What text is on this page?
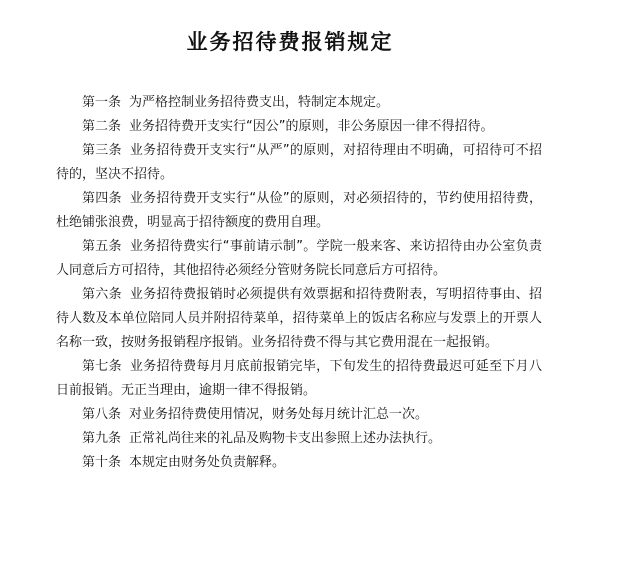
业务招待费报销规定

第一条 为严格控制业务招待费支出，特制定本规定。

第二条 业务招待费开支实行“因公”的原则，非公务原因一律不得招待。

第三条 业务招待费开支实行“从严”的原则，对招待理由不明确，可招待可不招待的，坚决不招待。

第四条 业务招待费开支实行“从俭”的原则，对必须招待的，节约使用招待费，杜绝铺张浪费，明显高于招待额度的费用自理。

第五条 业务招待费实行“事前请示制”。学院一般来客、来访招待由办公室负责人同意后方可招待，其他招待必须经分管财务院长同意后方可招待。

第六条 业务招待费报销时必须提供有效票据和招待费附表，写明招待事由、招待人数及本单位陪同人员并附招待菜单，招待菜单上的饭店名称应与发票上的开票人名称一致，按财务报销程序报销。业务招待费不得与其它费用混在一起报销。

第七条 业务招待费每月月底前报销完毕，下旬发生的招待费最迟可延至下月八日前报销。无正当理由，逾期一律不得报销。

第八条 对业务招待费使用情况，财务处每月统计汇总一次。

第九条 正常礼尚往来的礼品及购物卡支出参照上述办法执行。

第十条 本规定由财务处负责解释。
